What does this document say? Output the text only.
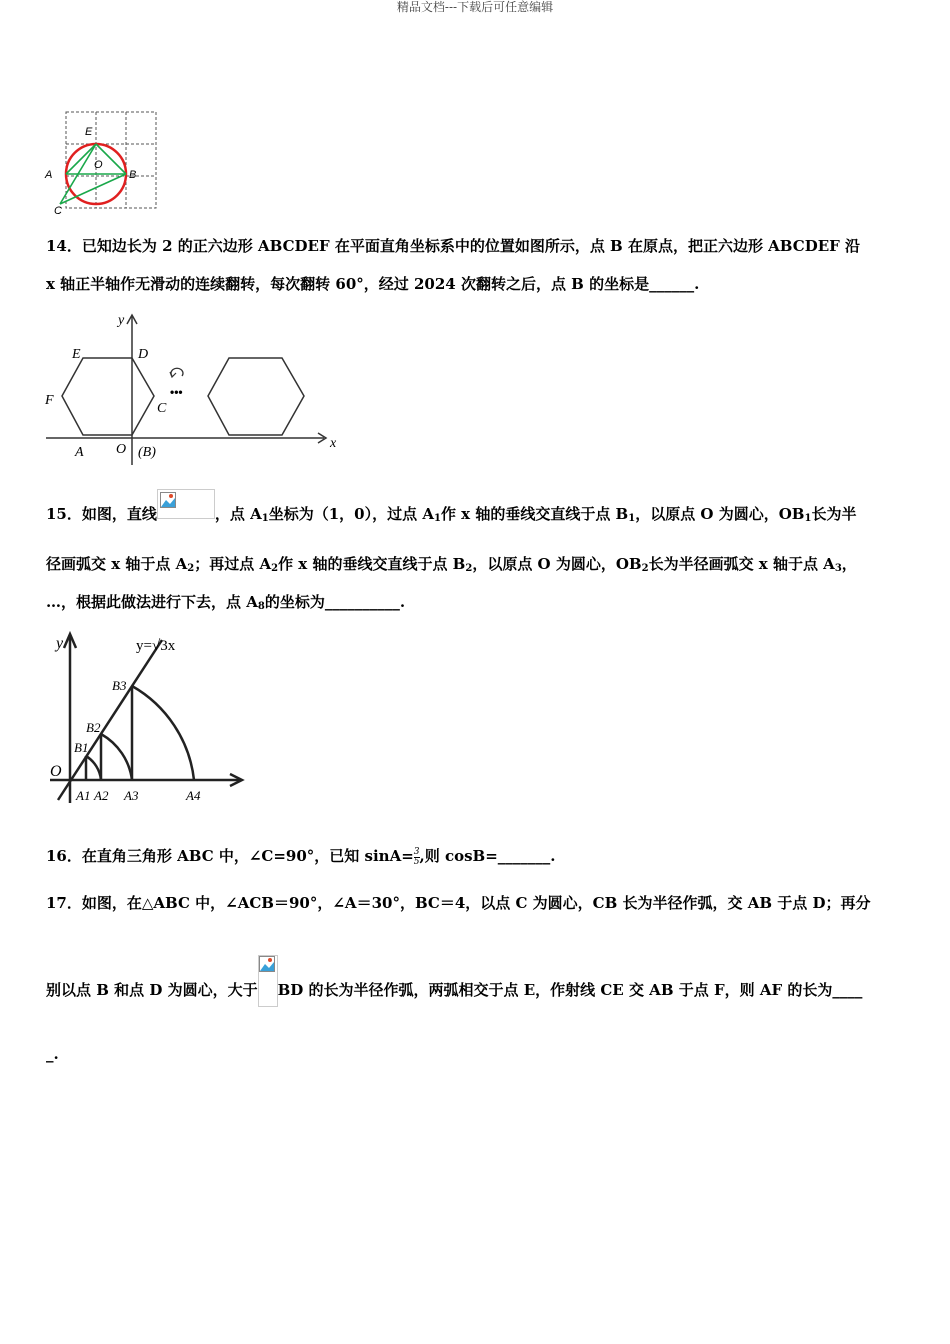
精品文档---下载后可任意编辑
E
O
A	B
C
14．已知边长为 2 的正六边形 ABCDEF 在平面直角坐标系中的位置如图所示，点 B 在原点，把正六边形 ABCDEF 沿
x 轴正半轴作无滑动的连续翻转，每次翻转 60°，经过 2024 次翻转之后，点 B 的坐标是______.
•••
y
x
E	D
F
C
A O (B)
15．如图，直线	，点 $A_1$坐标为（1，0），过点 $A_1$作 x 轴的垂线交直线于点 $B_1$，以原点 O 为圆心，$OB_1$长为半
径画弧交 x 轴于点 $A_2$；再过点 $A_2$作 x 轴的垂线交直线于点 $B_2$，以原点 O 为圆心，$OB_2$长为半径画弧交 x 轴于点 $A_3$，
…，根据此做法进行下去，点 $A_8$的坐标为__________.
y	y=√3x
O
B1
B2
B3
A1 A2 A3	A4
16．在直角三角形 ABC 中，∠C=90°，已知 $\sin A= \frac{3}{5}$ ,则 cosB=_______.
17．如图，在△ABC 中，∠ACB＝90°，∠A＝30°，BC＝4，以点 C 为圆心，CB 长为半径作弧，交 AB 于点 D；再分
别以点 B 和点 D 为圆心，大于 BD 的长为半径作弧，两弧相交于点 E，作射线 CE 交 AB 于点 F，则 AF 的长为____
_.
